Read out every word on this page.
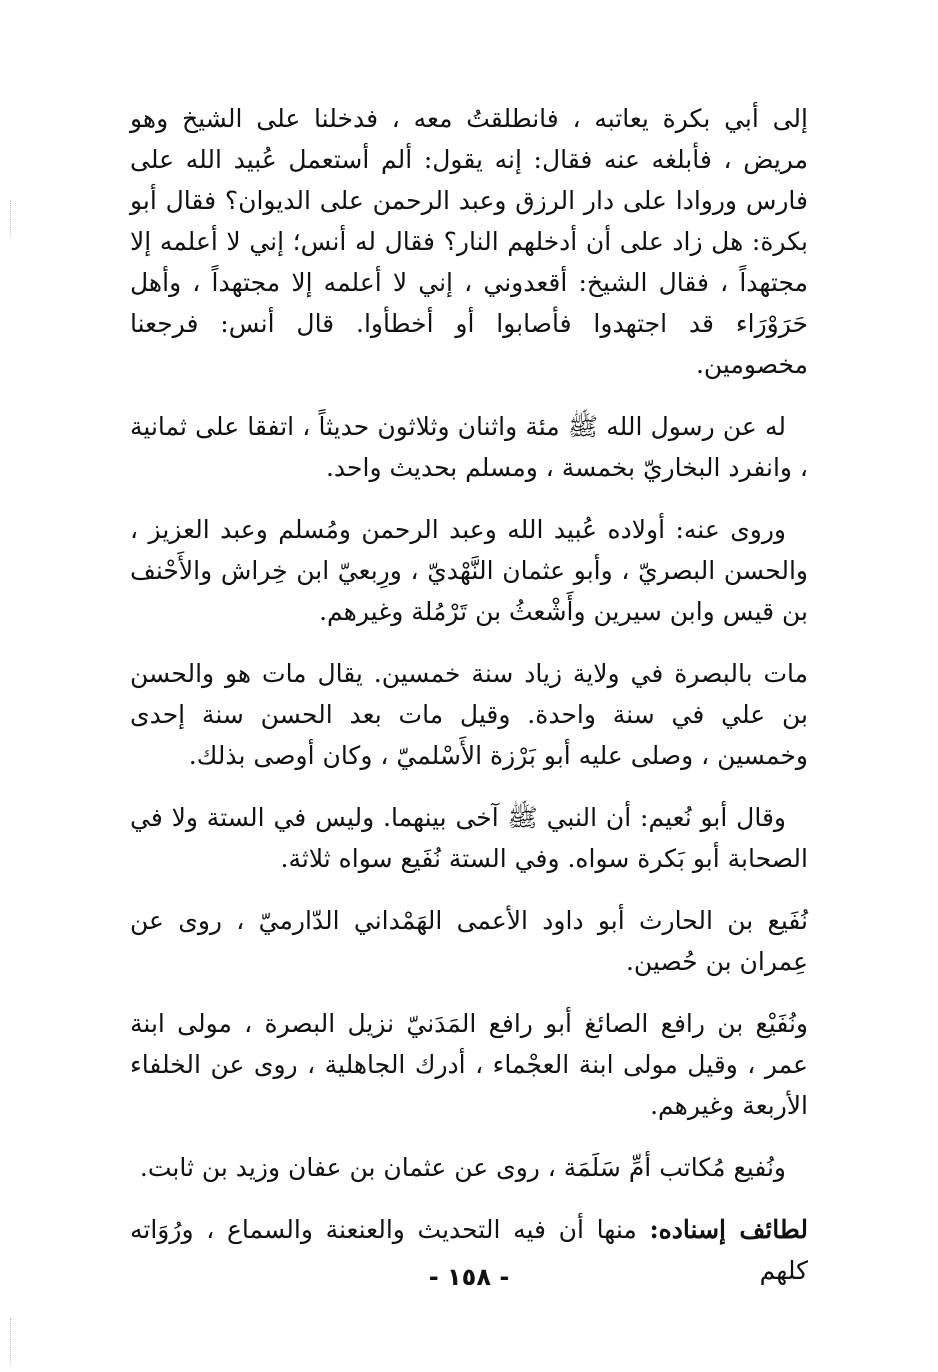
إلى أبي بكرة يعاتبه ، فانطلقتُ معه ، فدخلنا على الشيخ وهو مريض ، فأبلغه عنه فقال: إنه يقول: ألم أستعمل عُبيد الله على فارس وروادا على دار الرزق وعبد الرحمن على الديوان؟ فقال أبو بكرة: هل زاد على أن أدخلهم النار؟ فقال له أنس؛ إني لا أعلمه إلا مجتهداً ، فقال الشيخ: أقعدوني ، إني لا أعلمه إلا مجتهداً ، وأهل حَرَوْرَاء قد اجتهدوا فأصابوا أو أخطأوا. قال أنس: فرجعنا مخصومين.

له عن رسول الله ﷺ مئة واثنان وثلاثون حديثاً ، اتفقا على ثمانية ، وانفرد البخاريّ بخمسة ، ومسلم بحديث واحد.

وروى عنه: أولاده عُبيد الله وعبد الرحمن ومُسلم وعبد العزيز ، والحسن البصريّ ، وأبو عثمان النَّهْديّ ، ورِبعيّ ابن خِراش والأَحْنف بن قيس وابن سيرين وأَشْعثُ بن تَرْمُلة وغيرهم.

مات بالبصرة في ولاية زياد سنة خمسين. يقال مات هو والحسن بن علي في سنة واحدة. وقيل مات بعد الحسن سنة إحدى وخمسين ، وصلى عليه أبو بَرْزة الأَسْلميّ ، وكان أوصى بذلك.

وقال أبو نُعيم: أن النبي ﷺ آخى بينهما. وليس في الستة ولا في الصحابة أبو بَكرة سواه. وفي الستة نُفَيع سواه ثلاثة.

نُفَيع بن الحارث أبو داود الأعمى الهَمْداني الدّارميّ ، روى عن عِمران بن حُصين.

ونُفَيْع بن رافع الصائغ أبو رافع المَدَنيّ نزيل البصرة ، مولى ابنة عمر ، وقيل مولى ابنة العجْماء ، أدرك الجاهلية ، روى عن الخلفاء الأربعة وغيرهم.

ونُفيع مُكاتب أمِّ سَلَمَة ، روى عن عثمان بن عفان وزيد بن ثابت.

لطائف إسناده: منها أن فيه التحديث والعنعنة والسماع ، ورُوَاته كلهم

- ١٥٨ -
